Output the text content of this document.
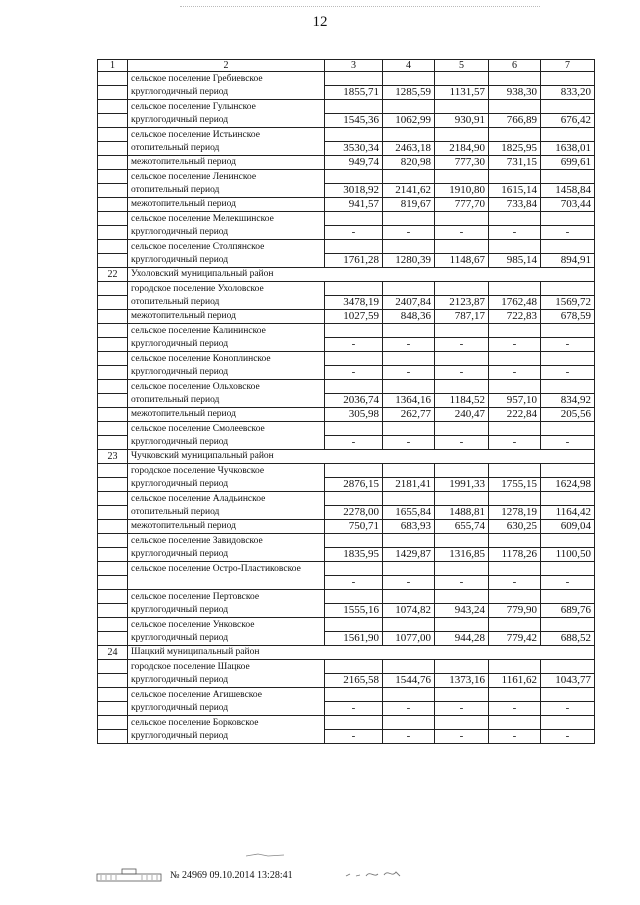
12
1	2	3	4	5	6	7
	сельское поселение Гребиевское					
	круглогодичный период	1855,71	1285,59	1131,57	938,30	833,20
	сельское поселение Гулынское					
	круглогодичный период	1545,36	1062,99	930,91	766,89	676,42
	сельское поселение Истьинское					
	отопительный период	3530,34	2463,18	2184,90	1825,95	1638,01
	межотопительный период	949,74	820,98	777,30	731,15	699,61
	сельское поселение Ленинское					
	отопительный период	3018,92	2141,62	1910,80	1615,14	1458,84
	межотопительный период	941,57	819,67	777,70	733,84	703,44
	сельское поселение Мелекшинское					
	круглогодичный период	-	-	-	-	-
	сельское поселение Столпянское					
	круглогодичный период	1761,28	1280,39	1148,67	985,14	894,91
22	Ухоловский муниципальный район					
	городское поселение Ухоловское					
	отопительный период	3478,19	2407,84	2123,87	1762,48	1569,72
	межотопительный период	1027,59	848,36	787,17	722,83	678,59
	сельское поселение Калининское					
	круглогодичный период	-	-	-	-	-
	сельское поселение Коноплинское					
	круглогодичный период	-	-	-	-	-
	сельское поселение Ольховское					
	отопительный период	2036,74	1364,16	1184,52	957,10	834,92
	межотопительный период	305,98	262,77	240,47	222,84	205,56
	сельское поселение Смолеевское					
	круглогодичный период	-	-	-	-	-
23	Чучковский муниципальный район					
	городское поселение Чучковское					
	круглогодичный период	2876,15	2181,41	1991,33	1755,15	1624,98
	сельское поселение Аладьинское					
	отопительный период	2278,00	1655,84	1488,81	1278,19	1164,42
	межотопительный период	750,71	683,93	655,74	630,25	609,04
	сельское поселение Завидовское					
	круглогодичный период	1835,95	1429,87	1316,85	1178,26	1100,50
	сельское поселение Остро-Пластиковское					
		-	-	-	-	-
	сельское поселение Пертовское					
	круглогодичный период	1555,16	1074,82	943,24	779,90	689,76
	сельское поселение Унковское					
	круглогодичный период	1561,90	1077,00	944,28	779,42	688,52
24	Шацкий муниципальный район					
	городское поселение Шацкое					
	круглогодичный период	2165,58	1544,76	1373,16	1161,62	1043,77
	сельское поселение Агишевское					
	круглогодичный период	-	-	-	-	-
	сельское поселение Борковское					
	круглогодичный период	-	-	-	-	-
№ 24969 09.10.2014 13:28:41
